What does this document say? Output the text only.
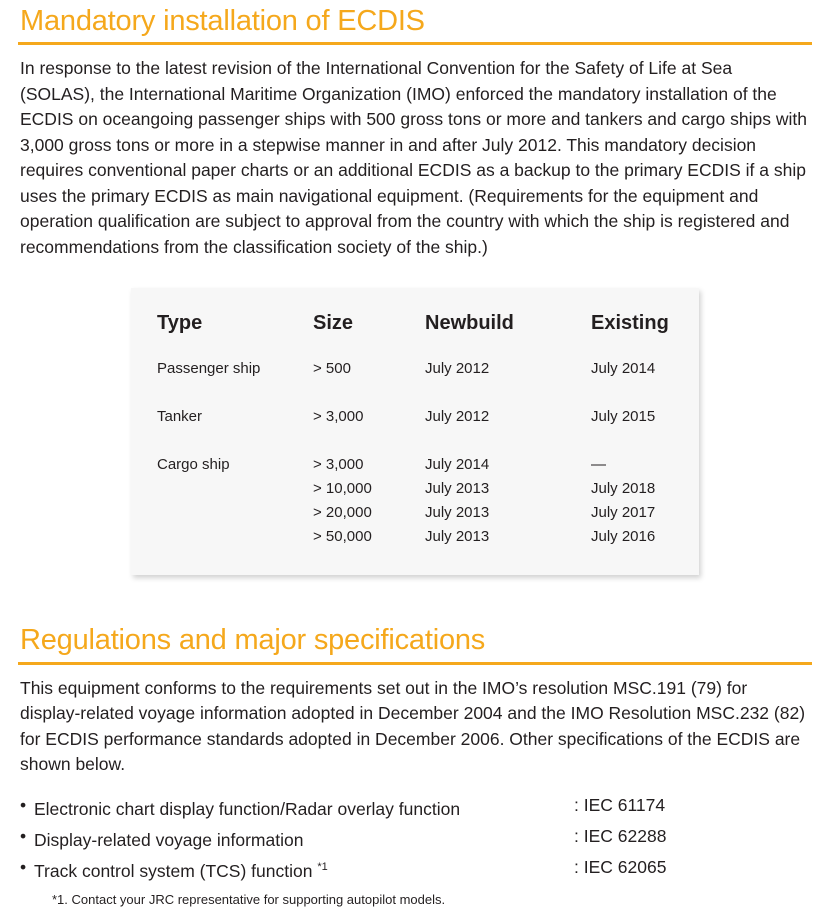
Mandatory installation of ECDIS

In response to the latest revision of the International Convention for the Safety of Life at Sea (SOLAS), the International Maritime Organization (IMO) enforced the mandatory installation of the ECDIS on oceangoing passenger ships with 500 gross tons or more and tankers and cargo ships with 3,000 gross tons or more in a stepwise manner in and after July 2012. This mandatory decision requires conventional paper charts or an additional ECDIS as a backup to the primary ECDIS if a ship uses the primary ECDIS as main navigational equipment. (Requirements for the equipment and operation qualification are subject to approval from the country with which the ship is registered and recommendations from the classification society of the ship.)

Type	Size	Newbuild	Existing
Passenger ship	> 500	July 2012	July 2014
Tanker	> 3,000	July 2012	July 2015
Cargo ship	> 3,000	July 2014	—
	> 10,000	July 2013	July 2018
	> 20,000	July 2013	July 2017
	> 50,000	July 2013	July 2016
Regulations and major specifications

This equipment conforms to the requirements set out in the IMO’s resolution MSC.191 (79) for display-related voyage information adopted in December 2004 and the IMO Resolution MSC.232 (82) for ECDIS performance standards adopted in December 2006. Other specifications of the ECDIS are shown below.

• Electronic chart display function/Radar overlay function	: IEC 61174
• Display-related voyage information	: IEC 62288
• Track control system (TCS) function $^{*1}$	: IEC 62065

*1. Contact your JRC representative for supporting autopilot models.
